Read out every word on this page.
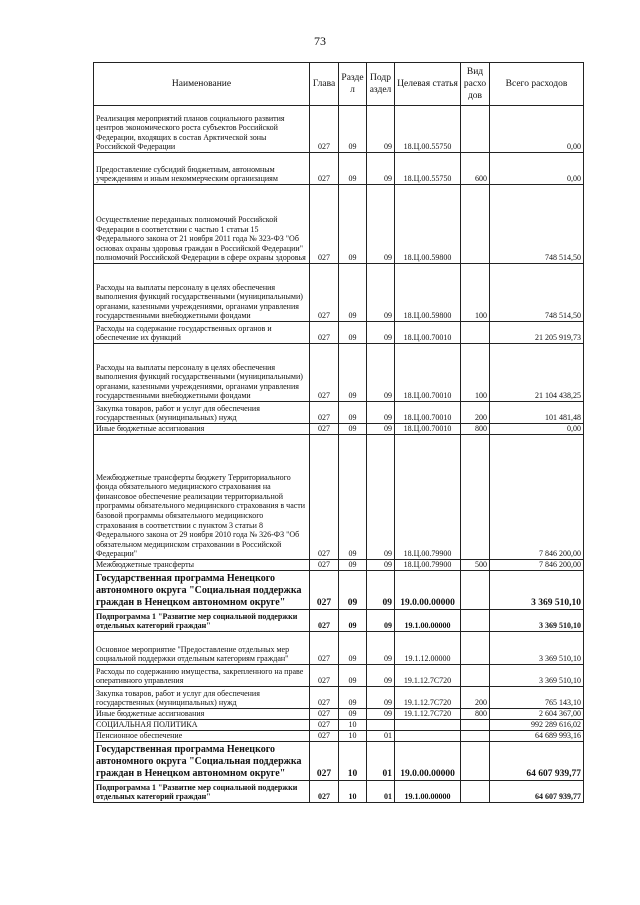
73
Наименование	Глава	Разде л	Подр аздел	Целевая статья	Вид расхо дов	Всего расходов
Реализация мероприятий планов социального развития центров экономического роста субъектов Российской Федерации, входящих в состав Арктической зоны Российской Федерации	027	09	09	18.Ц.00.55750		0,00
Предоставление субсидий бюджетным, автономным учреждениям и иным некоммерческим организациям	027	09	09	18.Ц.00.55750	600	0,00
Осуществление переданных полномочий Российской Федерации в соответствии с частью 1 статьи 15 Федерального закона от 21 ноября 2011 года № 323-ФЗ "Об основах охраны здоровья граждан в Российской Федерации" полномочий Российской Федерации в сфере охраны здоровья	027	09	09	18.Ц.00.59800		748 514,50
Расходы на выплаты персоналу в целях обеспечения выполнения функций государственными (муниципальными) органами, казенными учреждениями, органами управления государственными внебюджетными фондами	027	09	09	18.Ц.00.59800	100	748 514,50
Расходы на содержание государственных органов и обеспечение их функций	027	09	09	18.Ц.00.70010		21 205 919,73
Расходы на выплаты персоналу в целях обеспечения выполнения функций государственными (муниципальными) органами, казенными учреждениями, органами управления государственными внебюджетными фондами	027	09	09	18.Ц.00.70010	100	21 104 438,25
Закупка товаров, работ и услуг для обеспечения государственных (муниципальных) нужд	027	09	09	18.Ц.00.70010	200	101 481,48
Иные бюджетные ассигнования	027	09	09	18.Ц.00.70010	800	0,00
Межбюджетные трансферты бюджету Территориального фонда обязательного медицинского страхования на финансовое обеспечение реализации территориальной программы обязательного медицинского страхования в части базовой программы обязательного медицинского страхования в соответствии с пунктом 3 статьи 8 Федерального закона от 29 ноября 2010 года № 326-ФЗ "Об обязательном медицинском страховании в Российской Федерации"	027	09	09	18.Ц.00.79900		7 846 200,00
Межбюджетные трансферты	027	09	09	18.Ц.00.79900	500	7 846 200,00
Государственная программа Ненецкого автономного округа "Социальная поддержка граждан в Ненецком автономном округе"	027	09	09	19.0.00.00000		3 369 510,10
Подпрограмма 1 "Развитие мер социальной поддержки отдельных категорий граждан"	027	09	09	19.1.00.00000		3 369 510,10
Основное мероприятие "Предоставление отдельных мер социальной поддержки отдельным категориям граждан"	027	09	09	19.1.12.00000		3 369 510,10
Расходы по содержанию имущества, закрепленного на праве оперативного управления	027	09	09	19.1.12.7С720		3 369 510,10
Закупка товаров, работ и услуг для обеспечения государственных (муниципальных) нужд	027	09	09	19.1.12.7С720	200	765 143,10
Иные бюджетные ассигнования	027	09	09	19.1.12.7С720	800	2 604 367,00
СОЦИАЛЬНАЯ ПОЛИТИКА	027	10				992 289 616,02
Пенсионное обеспечение	027	10	01			64 689 993,16
Государственная программа Ненецкого автономного округа "Социальная поддержка граждан в Ненецком автономном округе"	027	10	01	19.0.00.00000		64 607 939,77
Подпрограмма 1 "Развитие мер социальной поддержки отдельных категорий граждан"	027	10	01	19.1.00.00000		64 607 939,77
